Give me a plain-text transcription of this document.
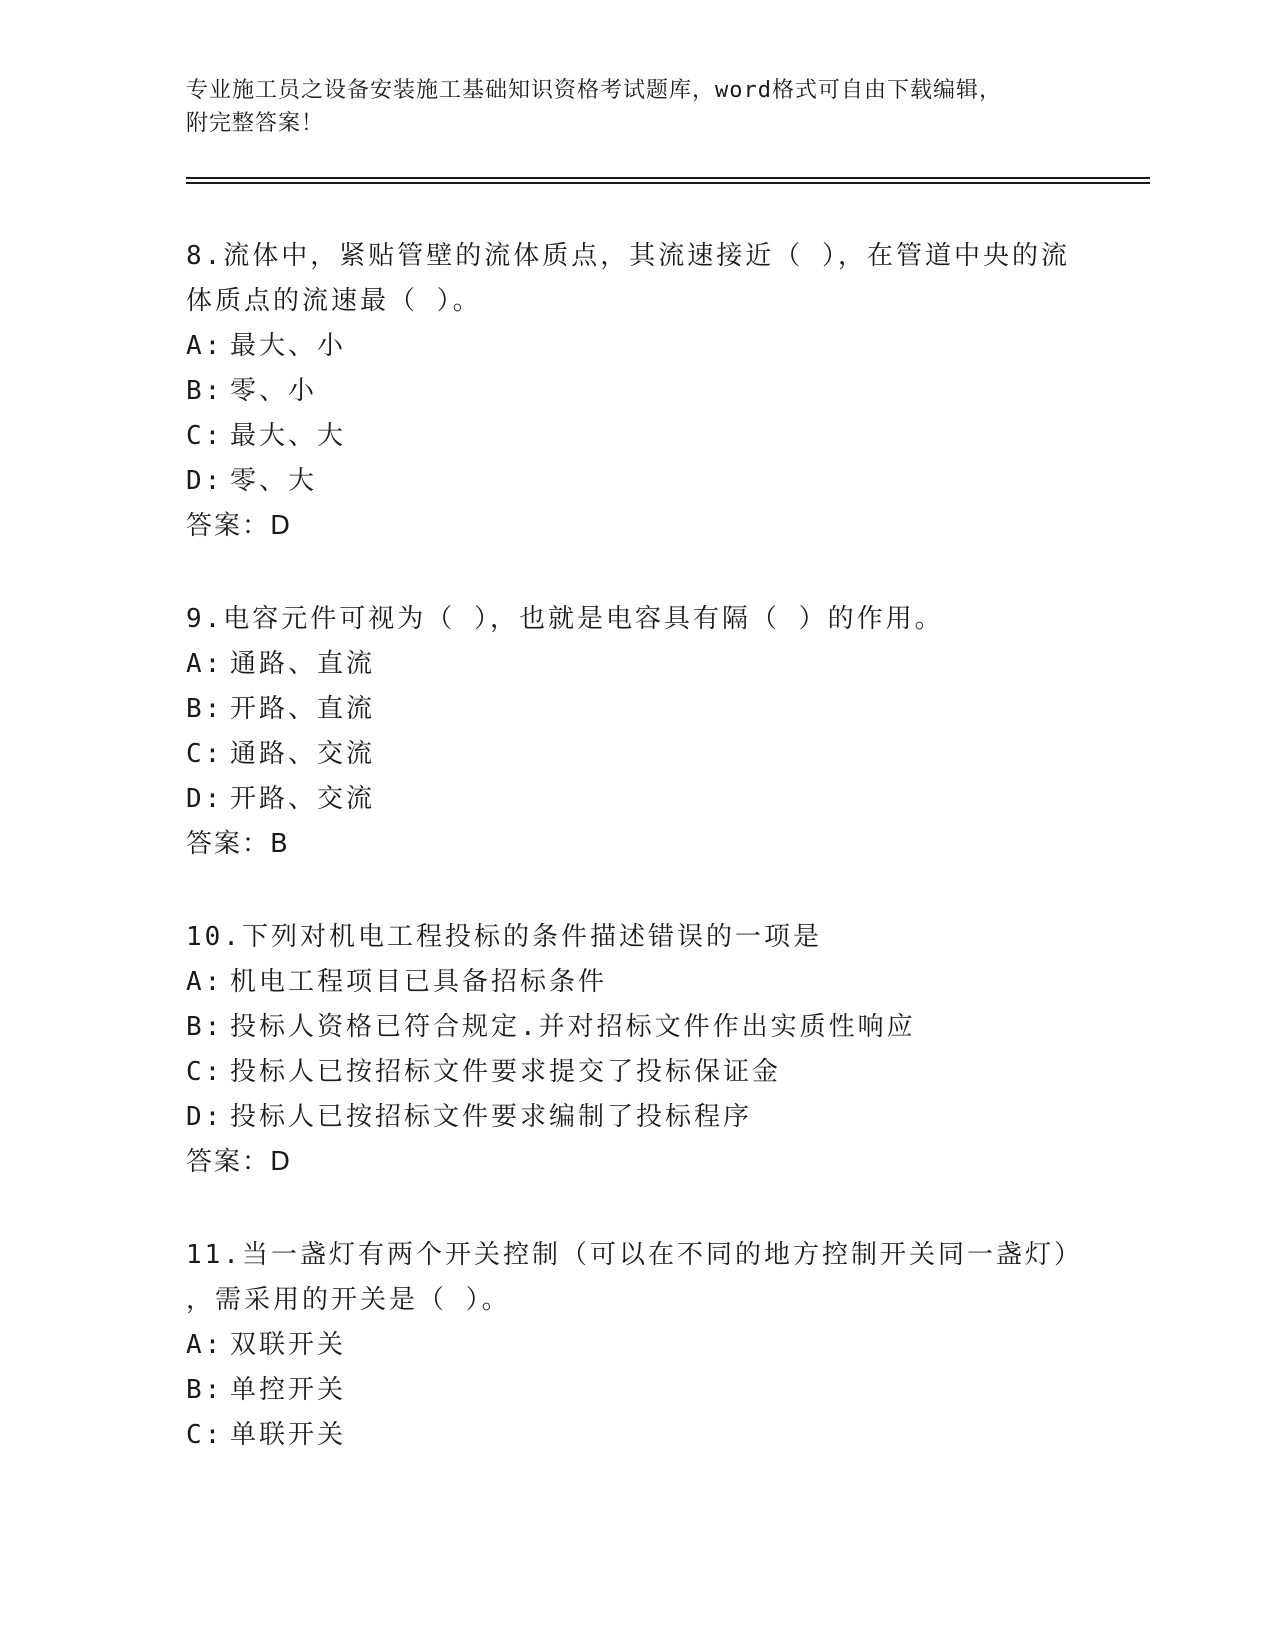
专业施工员之设备安装施工基础知识资格考试题库，word格式可自由下载编辑，
附完整答案！

8.流体中，紧贴管壁的流体质点，其流速接近（ ），在管道中央的流

体质点的流速最（ ）。

A: 最大、小

B: 零、小

C: 最大、大

D: 零、大

答案：D

9.电容元件可视为（ ），也就是电容具有隔（ ）的作用。

A: 通路、直流

B: 开路、直流

C: 通路、交流

D: 开路、交流

答案：B

10.下列对机电工程投标的条件描述错误的一项是

A: 机电工程项目已具备招标条件

B: 投标人资格已符合规定.并对招标文件作出实质性响应

C: 投标人已按招标文件要求提交了投标保证金

D: 投标人已按招标文件要求编制了投标程序

答案：D

11.当一盏灯有两个开关控制（可以在不同的地方控制开关同一盏灯）

，需采用的开关是（ ）。

A: 双联开关

B: 单控开关

C: 单联开关
